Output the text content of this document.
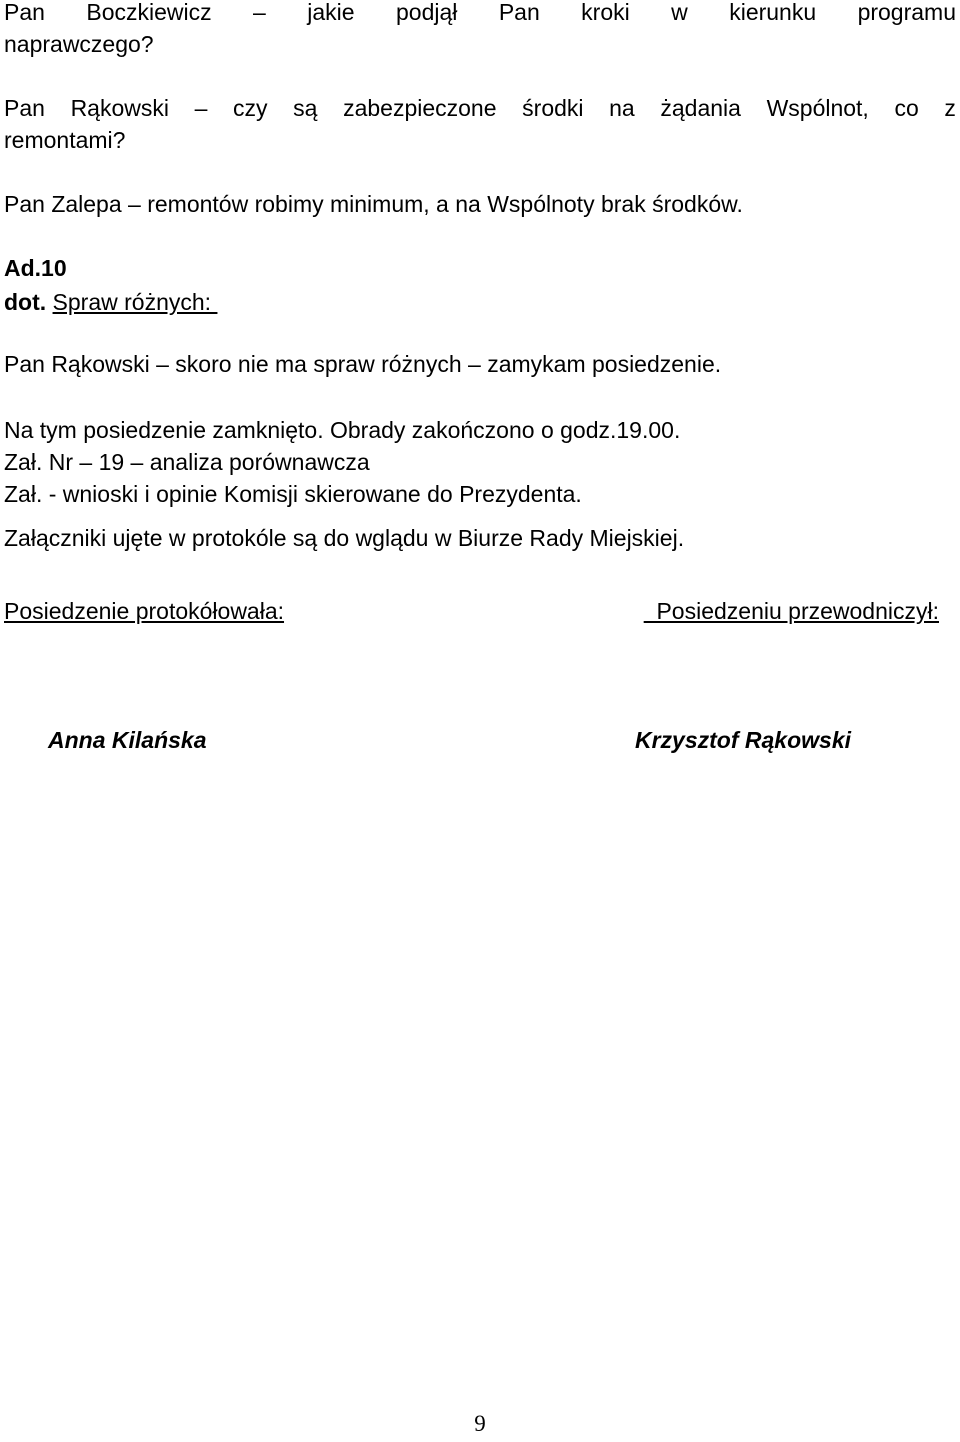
Pan Boczkiewicz – jakie podjął Pan kroki w kierunku programu
naprawczego?
Pan Rąkowski – czy są zabezpieczone środki na żądania Wspólnot, co z
remontami?
Pan Zalepa – remontów robimy minimum, a na Wspólnoty brak środków.
Ad.10
dot. Spraw różnych:
Pan Rąkowski – skoro nie ma spraw różnych – zamykam posiedzenie.
Na tym posiedzenie zamknięto. Obrady zakończono o godz.19.00.
Zał. Nr – 19 – analiza porównawcza
Zał. - wnioski i opinie Komisji skierowane do Prezydenta.
Załączniki ujęte w protokóle są do wglądu w Biurze Rady Miejskiej.
Posiedzenie protokółowała:	Posiedzeniu przewodniczył:
Anna Kilańska	Krzysztof Rąkowski
9
